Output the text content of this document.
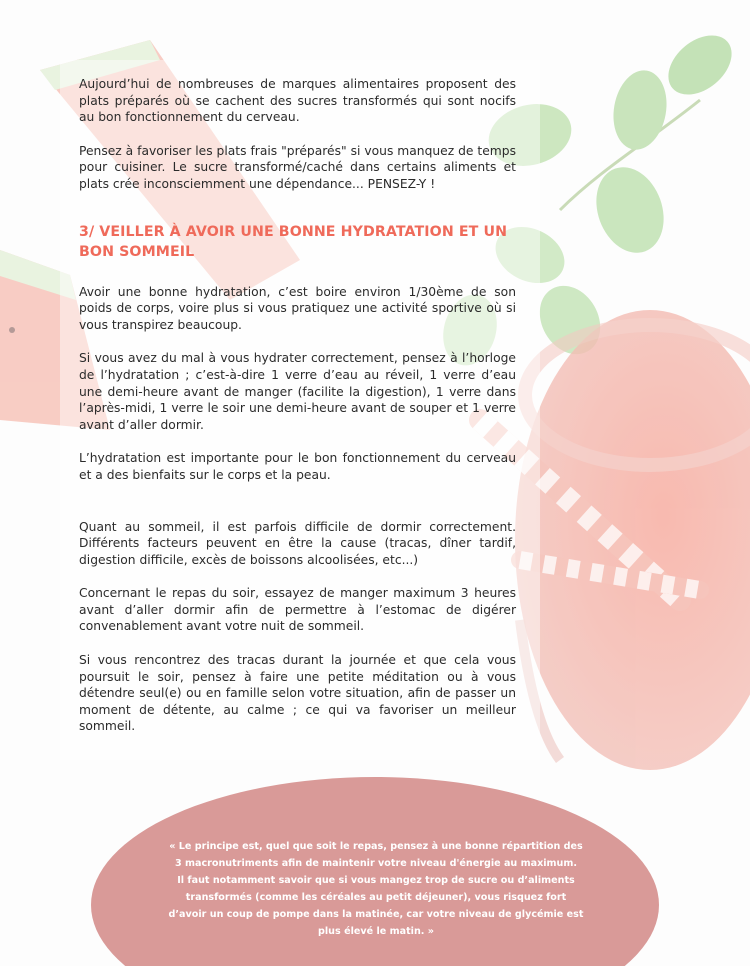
Aujourd’hui de nombreuses de marques alimentaires proposent des plats préparés où se cachent des sucres transformés qui sont nocifs au bon fonctionnement du cerveau.

Pensez à favoriser les plats frais "préparés" si vous manquez de temps pour cuisiner. Le sucre transformé/caché dans certains aliments et plats crée inconsciemment une dépendance... PENSEZ-Y !

3/ VEILLER À AVOIR UNE BONNE HYDRATATION ET UN
BON SOMMEIL

Avoir une bonne hydratation, c’est boire environ 1/30ème de son poids de corps, voire plus si vous pratiquez une activité sportive où si vous transpirez beaucoup.

Si vous avez du mal à vous hydrater correctement, pensez à l’horloge de l’hydratation ; c’est-à-dire 1 verre d’eau au réveil, 1 verre d’eau une demi-heure avant de manger (facilite la digestion), 1 verre dans l’après-midi, 1 verre le soir une demi-heure avant de souper et 1 verre avant d’aller dormir.

L’hydratation est importante pour le bon fonctionnement du cerveau et a des bienfaits sur le corps et la peau.

Quant au sommeil, il est parfois difficile de dormir correctement. Différents facteurs peuvent en être la cause (tracas, dîner tardif, digestion difficile, excès de boissons alcoolisées, etc...)

Concernant le repas du soir, essayez de manger maximum 3 heures avant d’aller dormir afin de permettre à l’estomac de digérer convenablement avant votre nuit de sommeil.

Si vous rencontrez des tracas durant la journée et que cela vous poursuit le soir, pensez à faire une petite méditation ou à vous détendre seul(e) ou en famille selon votre situation, afin de passer un moment de détente, au calme ; ce qui va favoriser un meilleur sommeil.

« Le principe est, quel que soit le repas, pensez à une bonne répartition des
3 macronutriments afin de maintenir votre niveau d'énergie au maximum.
Il faut notamment savoir que si vous mangez trop de sucre ou d’aliments
transformés (comme les céréales au petit déjeuner), vous risquez fort
d’avoir un coup de pompe dans la matinée, car votre niveau de glycémie est
plus élevé le matin. »
